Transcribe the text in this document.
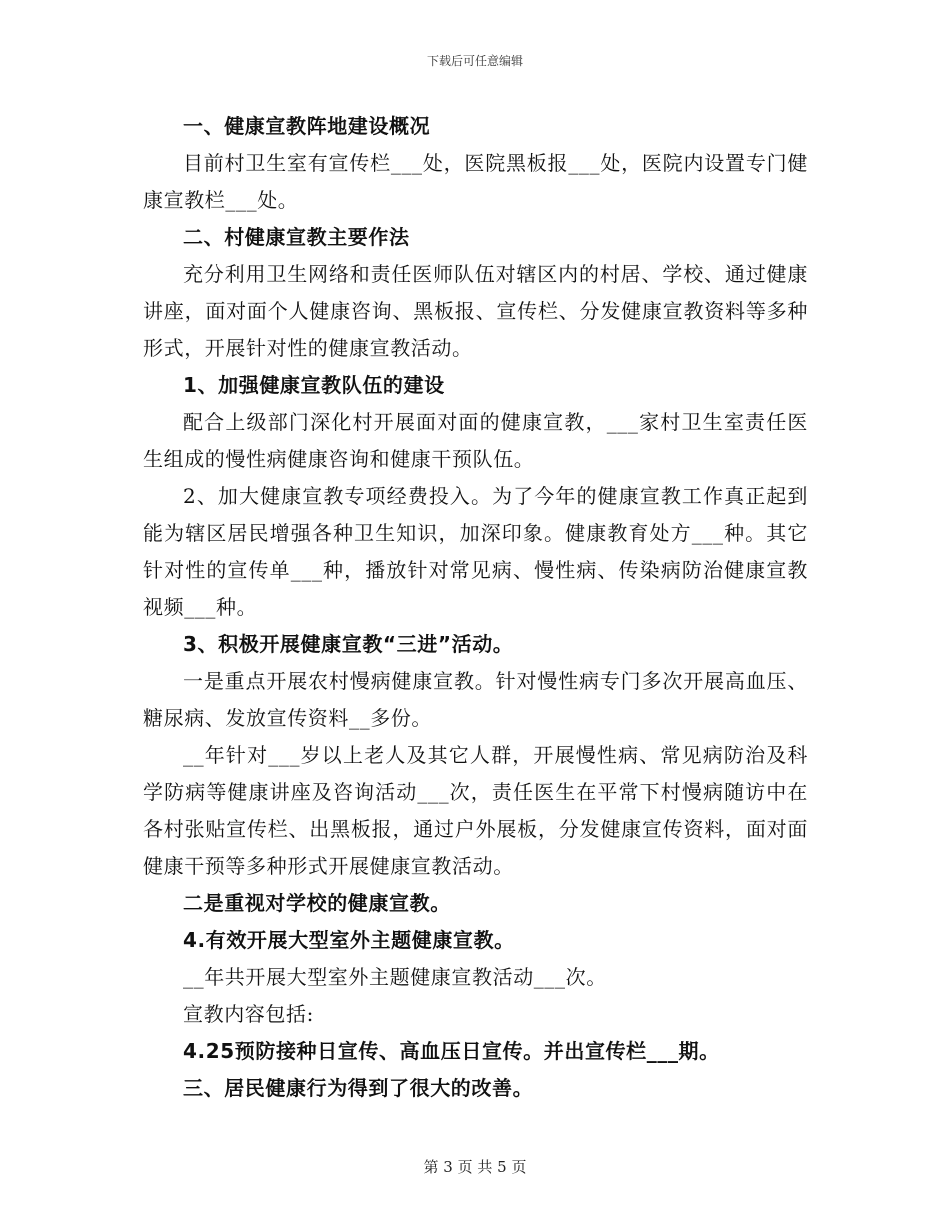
下载后可任意编辑

一、健康宣教阵地建设概况

目前村卫生室有宣传栏___处，医院黑板报___处，医院内设置专门健康宣教栏___处。

二、村健康宣教主要作法

充分利用卫生网络和责任医师队伍对辖区内的村居、学校、通过健康讲座，面对面个人健康咨询、黑板报、宣传栏、分发健康宣教资料等多种形式，开展针对性的健康宣教活动。

1、加强健康宣教队伍的建设

配合上级部门深化村开展面对面的健康宣教，___家村卫生室责任医生组成的慢性病健康咨询和健康干预队伍。

2、加大健康宣教专项经费投入。为了今年的健康宣教工作真正起到能为辖区居民增强各种卫生知识，加深印象。健康教育处方___种。其它针对性的宣传单___种，播放针对常见病、慢性病、传染病防治健康宣教视频___种。

3、积极开展健康宣教“三进”活动。

一是重点开展农村慢病健康宣教。针对慢性病专门多次开展高血压、糖尿病、发放宣传资料__多份。

__年针对___岁以上老人及其它人群，开展慢性病、常见病防治及科学防病等健康讲座及咨询活动___次，责任医生在平常下村慢病随访中在各村张贴宣传栏、出黑板报，通过户外展板，分发健康宣传资料，面对面健康干预等多种形式开展健康宣教活动。

二是重视对学校的健康宣教。

4.有效开展大型室外主题健康宣教。

__年共开展大型室外主题健康宣教活动___次。

宣教内容包括:

4.25预防接种日宣传、高血压日宣传。并出宣传栏___期。

三、居民健康行为得到了很大的改善。

第 3 页 共 5 页
